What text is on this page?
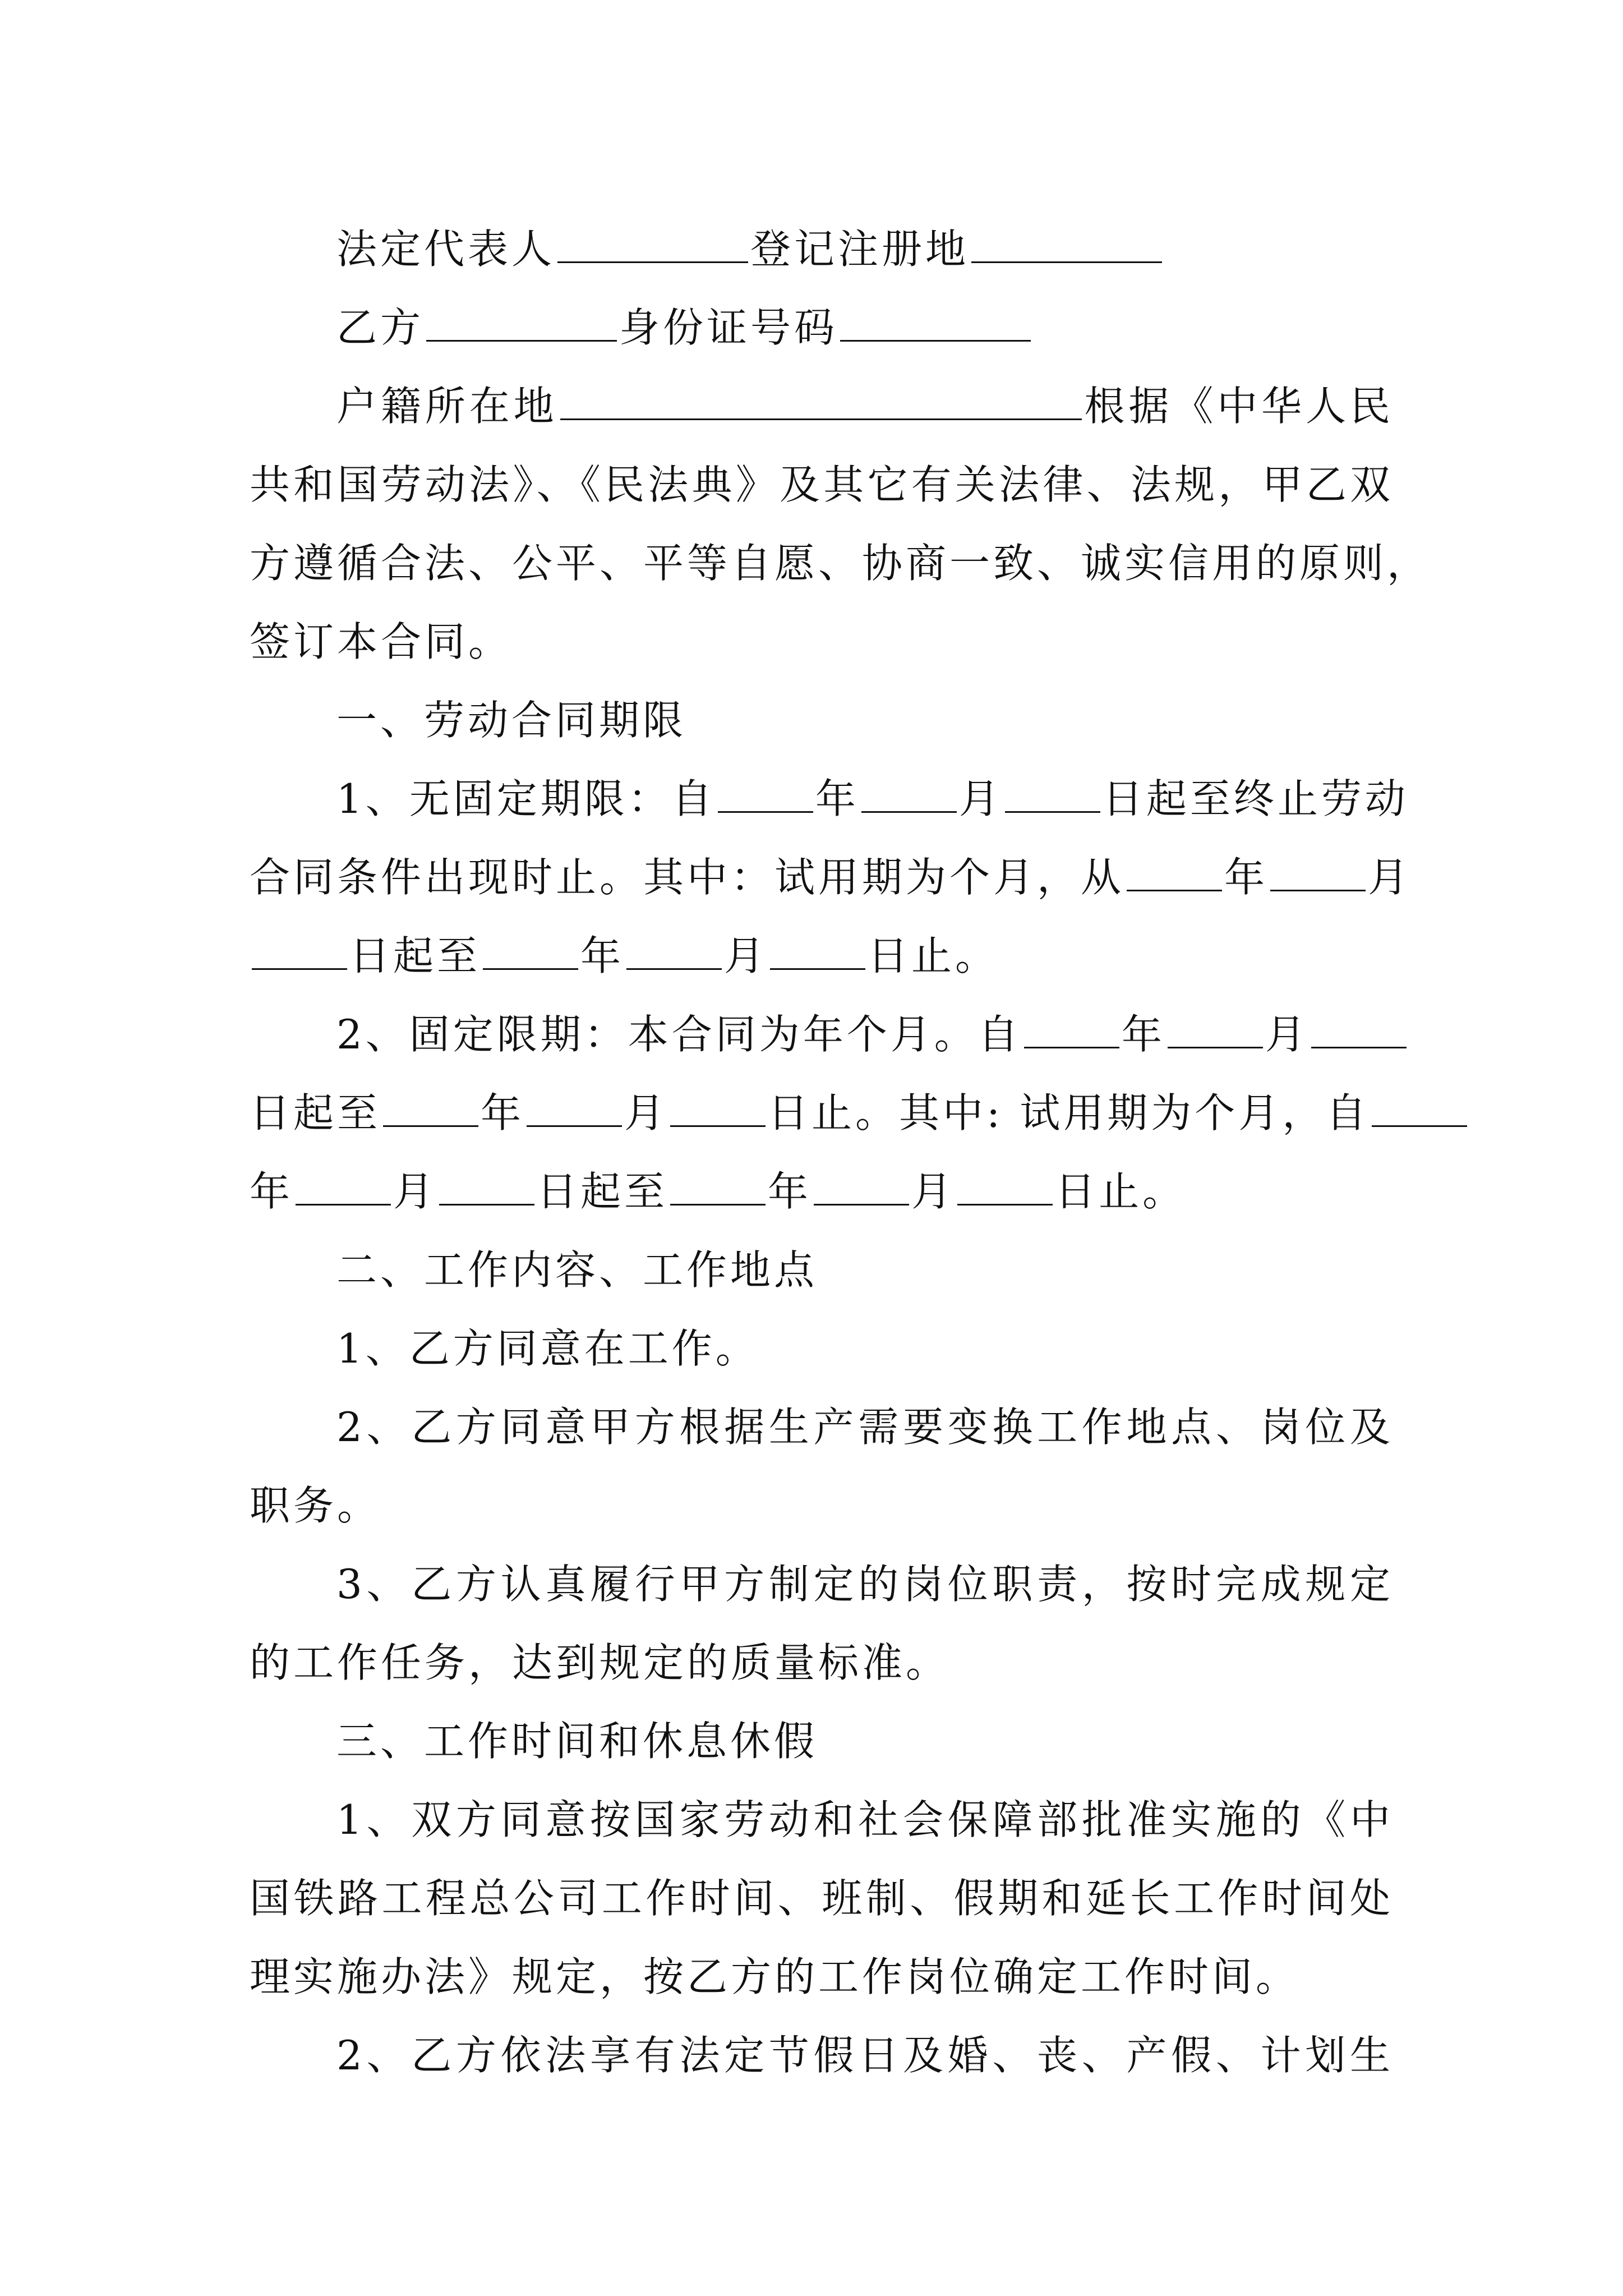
法定代表人	登记注册地
乙方	身份证号码
户籍所在地	根据《中华人民
共和国劳动法》、《民法典》及其它有关法律、法规，甲乙双
方遵循合法、公平、平等自愿、协商一致、诚实信用的原则，
签订本合同。
一、劳动合同期限
1、无固定期限：自 年 月 日起至终止劳动
合同条件出现时止。其中：试用期为个月，从 年 月
日起至 年 月 日止。
2、固定限期：本合同为年个月。自 年 月
日起至 年 月 日止。其中: 试用期为个月，自
年 月 日起至 年 月 日止。
二、工作内容、工作地点
1、乙方同意在工作。
2、乙方同意甲方根据生产需要变换工作地点、岗位及
职务。
3、乙方认真履行甲方制定的岗位职责，按时完成规定
的工作任务，达到规定的质量标准。
三、工作时间和休息休假
1、双方同意按国家劳动和社会保障部批准实施的《中
国铁路工程总公司工作时间、班制、假期和延长工作时间处
理实施办法》规定，按乙方的工作岗位确定工作时间。
2、乙方依法享有法定节假日及婚、丧、产假、计划生
